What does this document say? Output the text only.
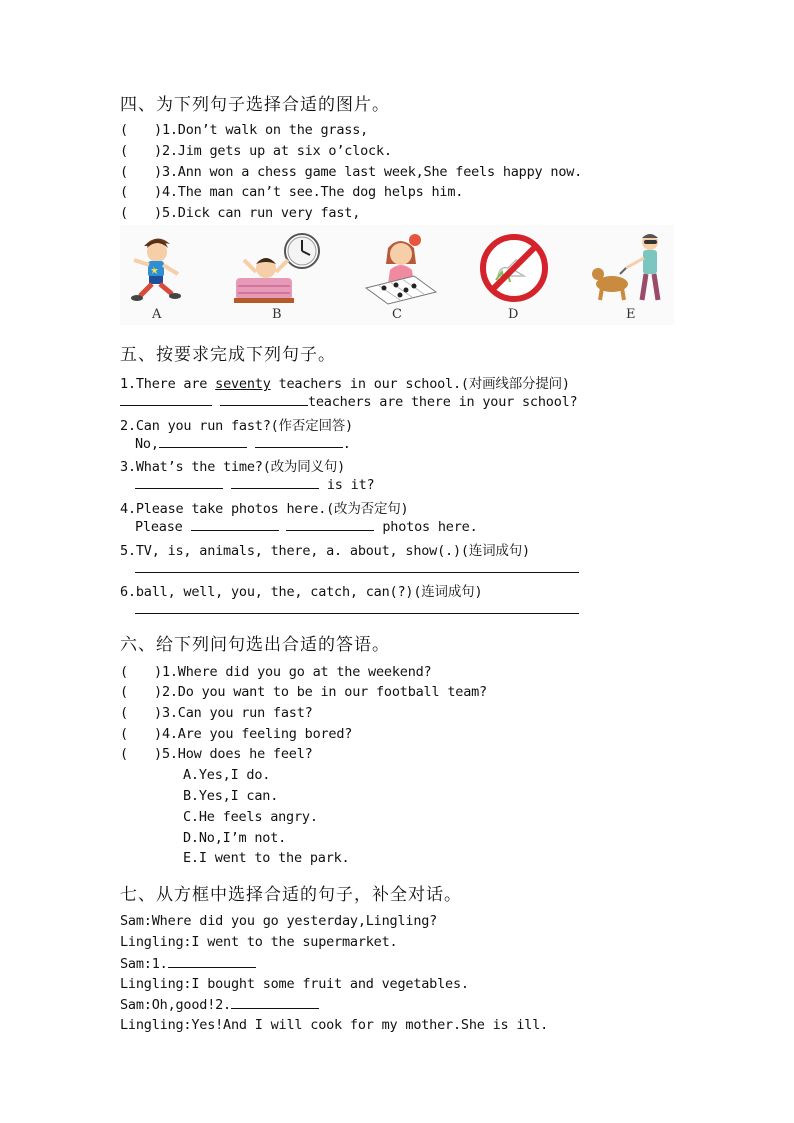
四、为下列句子选择合适的图片。
( )1.Don’t walk on the grass,
( )2.Jim gets up at six o’clock.
( )3.Ann won a chess game last week,She feels happy now.
( )4.The man can’t see.The dog helps him.
( )5.Dick can run very fast,
A	B	C	D	E
五、按要求完成下列句子。
1.There are seventy teachers in our school.(对画线部分提问)
teachers are there in your school?
2.Can you run fast?(作否定回答)
No,	.
3.What’s the time?(改为同义句)
is it?
4.Please take photos here.(改为否定句)
Please	photos here.
5.TV, is, animals, there, a. about, show(.)(连词成句)
6.ball, well, you, the, catch, can(?)(连词成句)
六、给下列问句选出合适的答语。
( )1.Where did you go at the weekend?
( )2.Do you want to be in our football team?
( )3.Can you run fast?
( )4.Are you feeling bored?
( )5.How does he feel?
A.Yes,I do.
B.Yes,I can.
C.He feels angry.
D.No,I’m not.
E.I went to the park.
七、从方框中选择合适的句子，补全对话。
Sam:Where did you go yesterday,Lingling?
Lingling:I went to the supermarket.
Sam:1.
Lingling:I bought some fruit and vegetables.
Sam:Oh,good!2.
Lingling:Yes!And I will cook for my mother.She is ill.
